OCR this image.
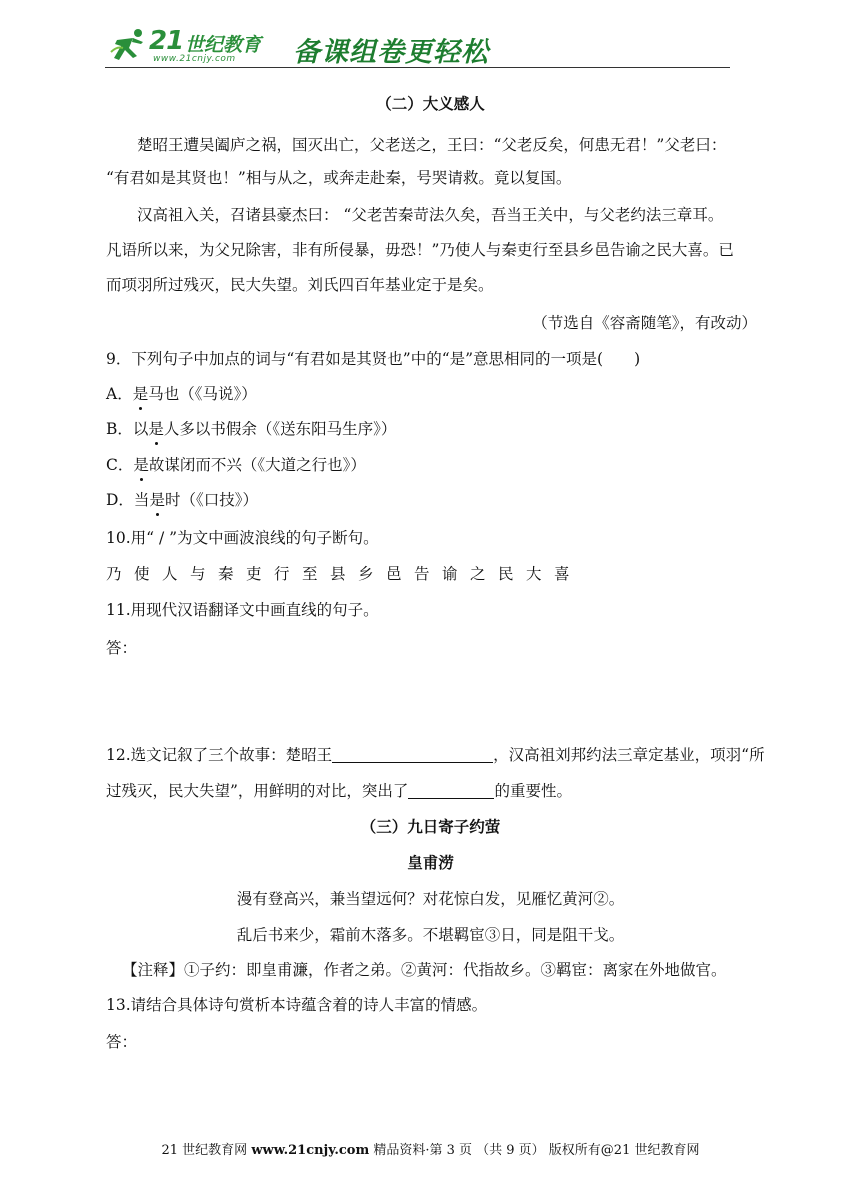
21 世纪教育
www.21cnjy.com 备课组卷更轻松
（二）大义感人
楚昭王遭吴阖庐之祸，国灭出亡，父老送之，王曰：“父老反矣，何患无君！”父老曰：
“有君如是其贤也！”相与从之，或奔走赴秦，号哭请救。竟以复国。
汉高祖入关，召诸县豪杰曰： “父老苦秦苛法久矣，吾当王关中，与父老约法三章耳。
凡语所以来，为父兄除害，非有所侵暴，毋恐！”乃使人与秦吏行至县乡邑告谕之民大喜。已
而项羽所过残灭，民大失望。刘氏四百年基业定于是矣。
（节选自《容斋随笔》，有改动）
9．下列句子中加点的词与“有君如是其贤也”中的“是”意思相同的一项是(　　)
A．是马也（《马说》）
B．以是人多以书假余（《送东阳马生序》）
C．是故谋闭而不兴（《大道之行也》）
D．当是时（《口技》）
10.用“ / ”为文中画波浪线的句子断句。
乃使人与秦吏行至县乡邑告谕之民大喜
11.用现代汉语翻译文中画直线的句子。
答：
12.选文记叙了三个故事：楚昭王	，汉高祖刘邦约法三章定基业，项羽“所
过残灭，民大失望”，用鲜明的对比，突出了	的重要性。
（三）九日寄子约萤
皇甫涝
漫有登高兴，兼当望远何？对花惊白发，见雁忆黄河②。
乱后书来少，霜前木落多。不堪羁宦③日，同是阻干戈。
【注释】①子约：即皇甫濂，作者之弟。②黄河：代指故乡。③羁宦：离家在外地做官。
13.请结合具体诗句赏析本诗蕴含着的诗人丰富的情感。
答：
21 世纪教育网 www.21cnjy.com 精品资料·第 3 页 （共 9 页） 版权所有@21 世纪教育网
